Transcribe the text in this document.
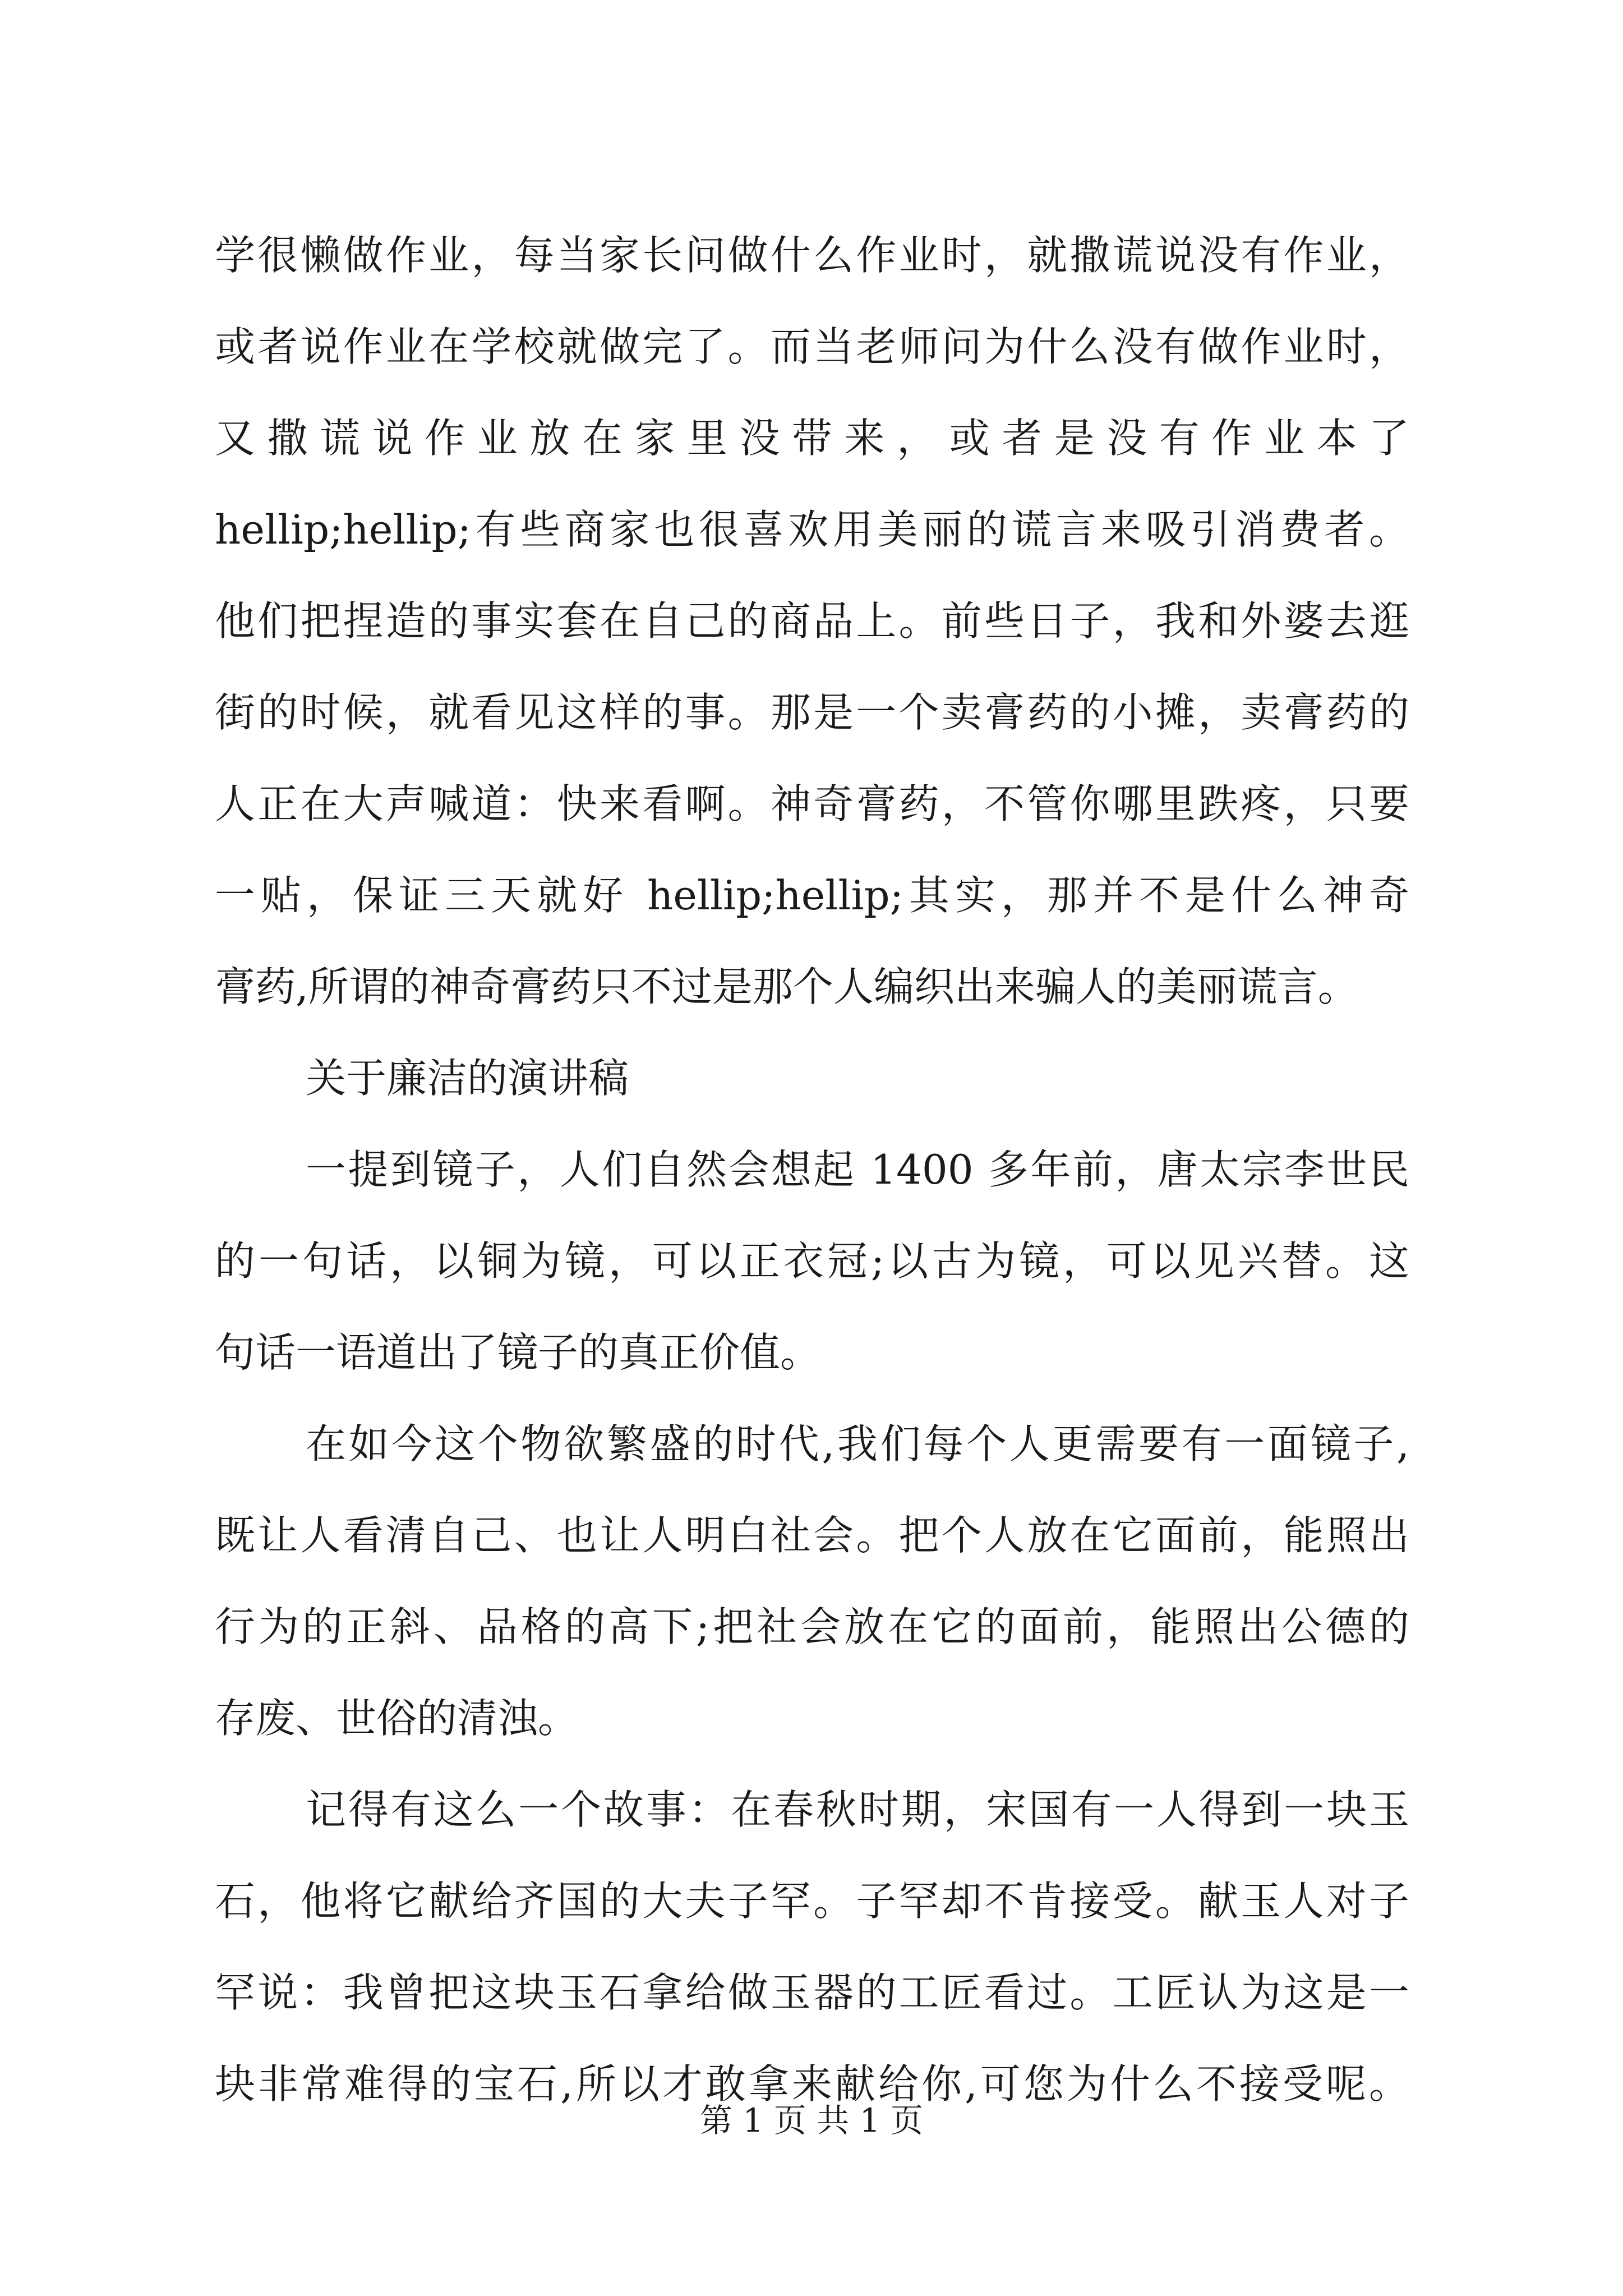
学很懒做作业，每当家长问做什么作业时，就撒谎说没有作业，
或者说作业在学校就做完了。而当老师问为什么没有做作业时，
又撒谎说作业放在家里没带来，或者是没有作业本了
hellip;hellip;有些商家也很喜欢用美丽的谎言来吸引消费者。
他们把捏造的事实套在自己的商品上。前些日子，我和外婆去逛
街的时候，就看见这样的事。那是一个卖膏药的小摊，卖膏药的
人正在大声喊道：快来看啊。神奇膏药，不管你哪里跌疼，只要
一贴，保证三天就好 hellip;hellip;其实，那并不是什么神奇
膏药,所谓的神奇膏药只不过是那个人编织出来骗人的美丽谎言。
关于廉洁的演讲稿
一提到镜子，人们自然会想起 1400 多年前，唐太宗李世民
的一句话，以铜为镜，可以正衣冠;以古为镜，可以见兴替。这
句话一语道出了镜子的真正价值。
在如今这个物欲繁盛的时代,我们每个人更需要有一面镜子,
既让人看清自己、也让人明白社会。把个人放在它面前，能照出
行为的正斜、品格的高下;把社会放在它的面前，能照出公德的
存废、世俗的清浊。
记得有这么一个故事：在春秋时期，宋国有一人得到一块玉
石，他将它献给齐国的大夫子罕。子罕却不肯接受。献玉人对子
罕说：我曾把这块玉石拿给做玉器的工匠看过。工匠认为这是一
块非常难得的宝石,所以才敢拿来献给你,可您为什么不接受呢。
第 1 页 共 1 页
